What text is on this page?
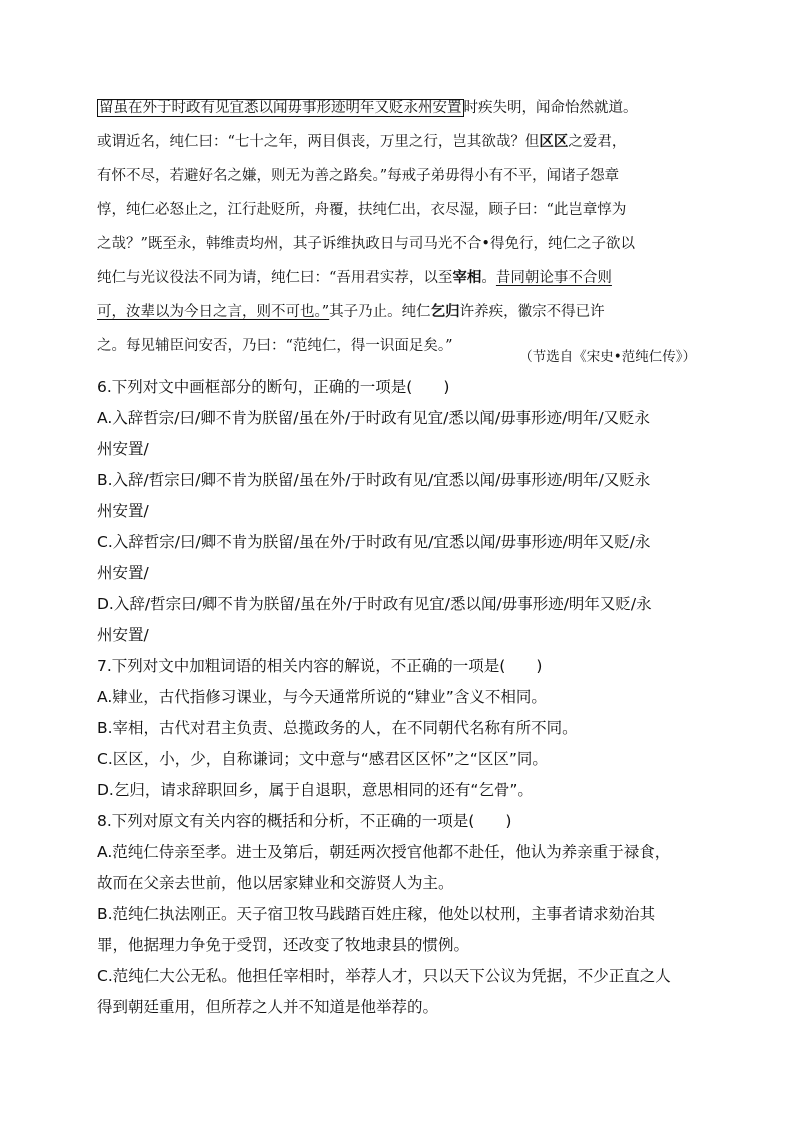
留虽在外于时政有见宜悉以闻毋事形迹明年又贬永州安置 时疾失明，闻命怡然就道。
或谓近名，纯仁曰：“七十之年，两目俱丧，万里之行，岂其欲哉？但区区之爱君，
有怀不尽，若避好名之嫌，则无为善之路矣。”每戒子弟毋得小有不平，闻诸子怨章
惇，纯仁必怒止之，江行赴贬所，舟覆，扶纯仁出，衣尽湿，顾子曰：“此岂章惇为
之哉？”既至永，韩维责均州，其子诉维执政日与司马光不合•得免行，纯仁之子欲以
纯仁与光议役法不同为请，纯仁曰：“吾用君实荐，以至宰相。昔同朝论事不合则
可，汝辈以为今日之言，则不可也。”其子乃止。纯仁乞归许养疾，徽宗不得已许
之。每见辅臣问安否，乃曰：“范纯仁，得一识面足矣。”
（节选自《宋史•范纯仁传》）
6.下列对文中画框部分的断句，正确的一项是(　　)
A.入辞哲宗/曰/卿不肯为朕留/虽在外/于时政有见宜/悉以闻/毋事形迹/明年/又贬永
州安置/
B.入辞/哲宗曰/卿不肯为朕留/虽在外/于时政有见/宜悉以闻/毋事形迹/明年/又贬永
州安置/
C.入辞哲宗/曰/卿不肯为朕留/虽在外/于时政有见/宜悉以闻/毋事形迹/明年又贬/永
州安置/
D.入辞/哲宗曰/卿不肯为朕留/虽在外/于时政有见宜/悉以闻/毋事形迹/明年又贬/永
州安置/
7.下列对文中加粗词语的相关内容的解说，不正确的一项是(　　)
A.肄业，古代指修习课业，与今天通常所说的“肄业”含义不相同。
B.宰相，古代对君主负责、总揽政务的人，在不同朝代名称有所不同。
C.区区，小，少，自称谦词；文中意与“感君区区怀”之“区区”同。
D.乞归，请求辞职回乡，属于自退职，意思相同的还有“乞骨”。
8.下列对原文有关内容的概括和分析，不正确的一项是(　　)
A.范纯仁侍亲至孝。进士及第后，朝廷两次授官他都不赴任，他认为养亲重于禄食，
故而在父亲去世前，他以居家肄业和交游贤人为主。
B.范纯仁执法刚正。天子宿卫牧马践踏百姓庄稼，他处以杖刑，主事者请求劾治其
罪，他据理力争免于受罚，还改变了牧地隶县的惯例。
C.范纯仁大公无私。他担任宰相时，举荐人才，只以天下公议为凭据，不少正直之人
得到朝廷重用，但所荐之人并不知道是他举荐的。
